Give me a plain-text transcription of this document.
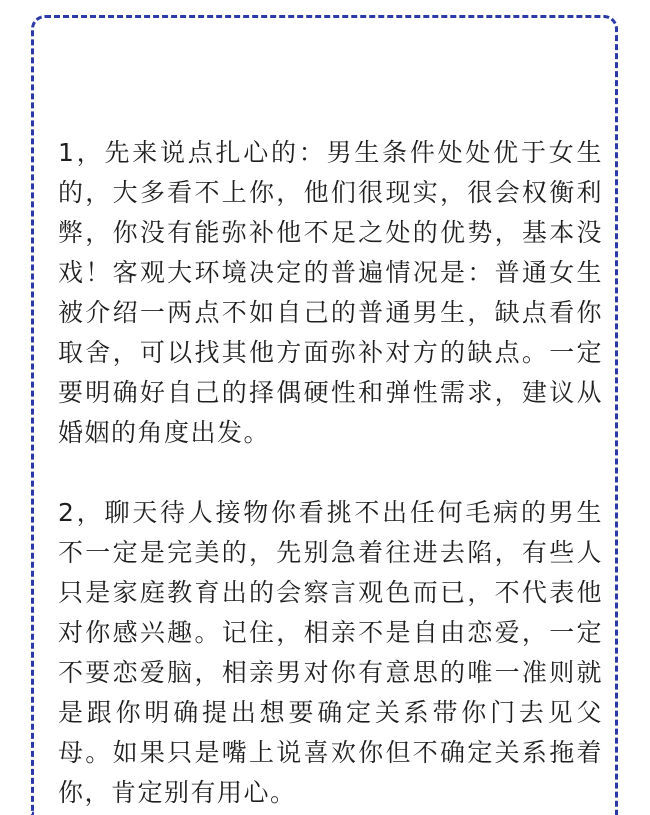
1，先来说点扎心的：男生条件处处优于女生的，大多看不上你，他们很现实，很会权衡利弊，你没有能弥补他不足之处的优势，基本没戏！客观大环境决定的普遍情况是：普通女生被介绍一两点不如自己的普通男生，缺点看你取舍，可以找其他方面弥补对方的缺点。一定要明确好自己的择偶硬性和弹性需求，建议从婚姻的角度出发。

2，聊天待人接物你看挑不出任何毛病的男生不一定是完美的，先别急着往进去陷，有些人只是家庭教育出的会察言观色而已，不代表他对你感兴趣。记住，相亲不是自由恋爱，一定不要恋爱脑，相亲男对你有意思的唯一准则就是跟你明确提出想要确定关系带你门去见父母。如果只是嘴上说喜欢你但不确定关系拖着你，肯定别有用心。
